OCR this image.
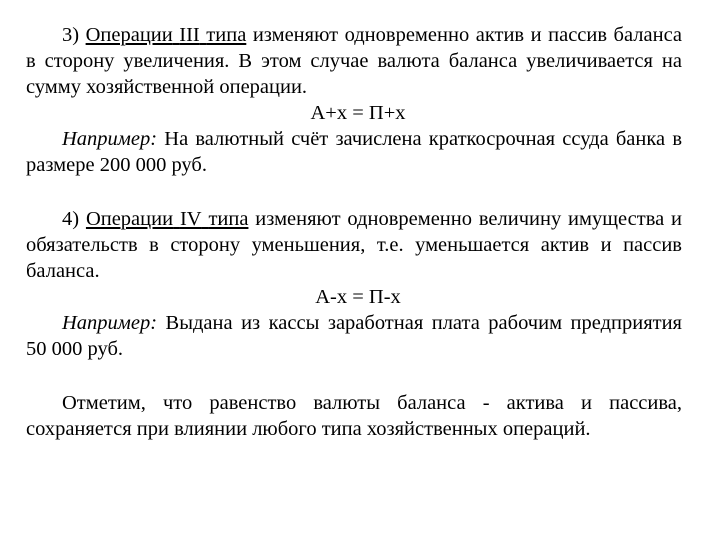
3) Операции III типа изменяют одновременно актив и пассив баланса в сторону увеличения. В этом случае валюта баланса увеличивается на сумму хозяйственной операции.

А+х = П+х

Например: На валютный счёт зачислена краткосрочная ссуда банка в размере 200 000 руб.

4) Операции IV типа изменяют одновременно величину имущества и обязательств в сторону уменьшения, т.е. уменьшается актив и пассив баланса.

А-х = П-х

Например: Выдана из кассы заработная плата рабочим предприятия 50 000 руб.

Отметим, что равенство валюты баланса - актива и пассива, сохраняется при влиянии любого типа хозяйственных операций.
